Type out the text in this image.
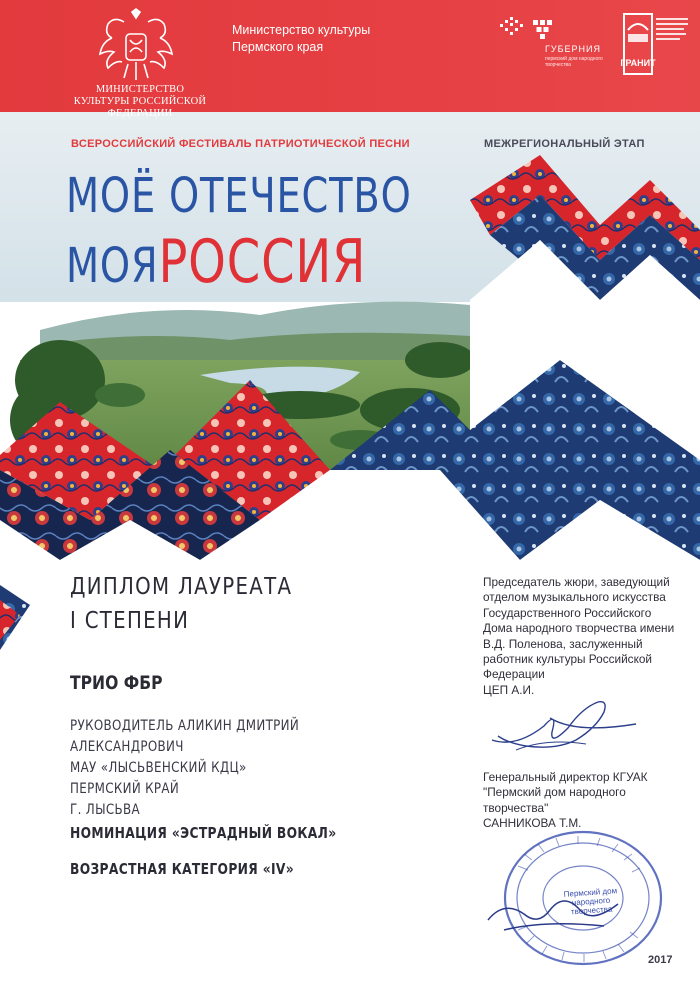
МИНИСТЕРСТВО КУЛЬТУРЫ РОССИЙСКОЙ ФЕДЕРАЦИИ
Министерство культуры Пермского края	ГУБЕРНИЯ
пермский дом народного творчества	ГРАНИТ
ВСЕРОССИЙСКИЙ ФЕСТИВАЛЬ ПАТРИОТИЧЕСКОЙ ПЕСНИ	МЕЖРЕГИОНАЛЬНЫЙ ЭТАП
МОЁ ОТЕЧЕСТВО
МОЯРОССИЯ
ДИПЛОМ ЛАУРЕАТА
I СТЕПЕНИ
ТРИО ФБР
РУКОВОДИТЕЛЬ АЛИКИН ДМИТРИЙ АЛЕКСАНДРОВИЧ
МАУ «ЛЫСЬВЕНСКИЙ КДЦ»
ПЕРМСКИЙ КРАЙ
Г. ЛЫСЬВА
НОМИНАЦИЯ «ЭСТРАДНЫЙ ВОКАЛ»
ВОЗРАСТНАЯ КАТЕГОРИЯ «IV»
Председатель жюри, заведующий отделом музыкального искусства Государственного Российского Дома народного творчества имени В.Д. Поленова, заслуженный работник культуры Российской Федерации
ЦЕП А.И.
Генеральный директор КГУАК "Пермский дом народного творчества"
САННИКОВА Т.М.
Пермский дом народного творчества
2017
